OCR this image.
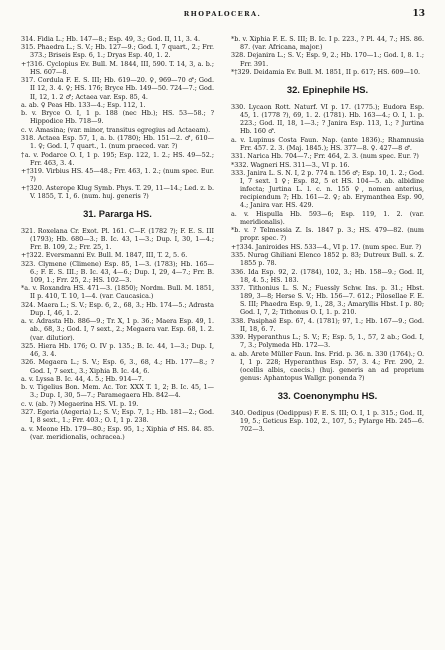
RHOPALOCERA.	13
314. Fidia L.; Hb. 147—8.; Esp. 49, 3.; God. II, 11, 3. 4.
315. Phaedra L.; S. V.; Hb. 127—9.; God. I, 7 quart., 2.; Frr. 373.; Briseis Esp. 6, 1.; Dryas Esp. 40, 1. 2.
+†316. Cyclopius Ev. Bull. M. 1844, III, 590. T. 14, 3, a. b.; HS. 607—8.
317. Cordula F. E. S. III; Hb. 619—20. ♀, 969—70 ♂; God. II 12, 3. 4. ♀; HS. 176; Bryce Hb. 149—50. 724—7.; God. II, 12, 1. 2 ♂; Actaea var. Esp. 85, 4.
a. ab. ♀ Peas Hb. 133—4.; Esp. 112, 1.
b. v. Bryce O. I, 1 p. 188 (nec Hb.); HS. 53—58.; ? Hippodice Hb. 718—9.
c. v. Amasina; (var. minor, transitus egregius ad Actaeam).
318. Actaea Esp. 57, 1, a. b. (1780); Hb. 151—2. ♂, 610—1. ♀; God. I, 7 quart., 1. (num praeced. var. ?)
†a. v. Podarce O. I, 1 p. 195; Esp. 122, 1. 2.; HS. 49—52.; Frr. 463, 3. 4.
+†319. Virbius HS. 45—48.; Frr. 463, 1. 2.; (num spec. Eur. ?)
+†320. Asterope Klug Symb. Phys. T. 29, 11—14.; Led. z. b. V. 1855, T. 1, 6. (num. huj. generis ?)
31. Pararga HS.
321. Roxelana Cr. Exot. Pl. 161. C—F. (1782 ?); F. E. S. III (1793); Hb. 680—3.; B. Ic. 43, 1—3.; Dup. I, 30, 1—4.; Frr. B. 109, 2.; Frr. 25, 1.
+†322. Eversmanni Ev. Bull. M. 1847, III, T. 2, 5. 6.
323. Clymene (Climene) Esp. 85, 1—3. (1783); Hb. 165—6.; F. E. S. III.; B. Ic. 43, 4—6.; Dup. I, 29, 4—7.; Frr. B. 109, 1.; Frr. 25, 2.; HS. 102—3.
*a. v. Roxandra HS. 471—3. (1850); Nordm. Bull. M. 1851, II p. 410, T. 10, 1—4. (var. Caucasica.)
324. Maera L.; S. V.; Esp. 6, 2., 68, 3.; Hb. 174—5.; Adrasta Dup. I, 46, 1. 2.
a. v. Adrasta Hb. 886—9.; Tr. X, 1 p. 36.; Maera Esp. 49, 1. ab., 68, 3.; God. I, 7 sext., 2.; Megaera var. Esp. 68, 1. 2. (var. dilutior).
325. Hiera Hb. 176; O. IV p. 135.; B. Ic. 44, 1—3.; Dup. I, 46, 3. 4.
326. Megaera L.; S. V.; Esp. 6, 3., 68, 4.; Hb. 177—8.; ? God. I, 7 sext., 3.; Xiphia B. Ic. 44, 6.
a. v. Lyssa B. Ic. 44, 4. 5.; Hb. 914—7.
b. v. Tigelius Bon. Mem. Ac. Tor. XXX T. 1, 2; B. Ic. 45, 1—3.; Dup. I, 30, 5—7.; Paramegaera Hb. 842—4.
c. v. (ab. ?) Megaerina HS. VI. p. 19.
327. Egeria (Aegeria) L.; S. V.; Esp. 7, 1.; Hb. 181—2.; God. I, 8 sext., 1.; Frr. 403.; O. I, 1 p. 238.
a. v. Meone Hb. 179—80.; Esp. 95, 1.; Xiphia ♂ HS. 84. 85. (var. meridionalis, ochracea.)
*b. v. Xiphia F. E. S. III; B. Ic. I p. 223., ? Pl. 44, 7.; HS. 86. 87. (var. Africana, major.)
328. Dejanira L.; S. V.; Esp. 9, 2.; Hb. 170—1.; God. I, 8. 1.; Frr. 391.
*†329. Deidamia Ev. Bull. M. 1851, II p. 617; HS. 609—10.
32. Epinephile HS.
330. Lycaon Rott. Naturf. VI p. 17. (1775.); Eudora Esp. 45, 1. (1778 ?), 69, 1. 2. (1781). Hb. 163—4.; O. I, 1. p. 223.; God. II, 18, 1—3.; ? Janira Esp. 113, 1.; ? Jurtina Hb. 160 ♂.
a. v. Lupinus Costa Faun. Nap. (ante 1836).; Rhamnusia Frr. 457. 2. 3. (Maj. 1845.); HS. 377—8. ♀. 427—8 ♂.
331. Narica Hb. 704—7.; Frr. 464, 2. 3. (num spec. Eur. ?)
*332. Wagneri HS. 311—3., VI p. 16.
333. Janira L. S. N. I, 2 p. 774 n. 156 ♂; Esp. 10, 1. 2.; God. I, 7 sext. 1 ♀; Esp. 82, 5 et HS. 104—5. ab. albidine infecta; Jurtina L. l. c. n. 155 ♀, nomen anterius, recipiendum ?; Hb. 161—2. ♀; ab. Erymanthea Esp. 90, 4.; Janira var. HS. 429.
a. v. Hispulla Hb. 593—6; Esp. 119, 1. 2. (var. meridionalis).
*b. v. ? Telmessia Z. Is. 1847 p. 3.; HS. 479—82. (num propr. spec. ?)
+†334. Janiroides HS. 533—4., VI p. 17. (num spec. Eur. ?)
335. Nurag Ghiliani Elenco 1852 p. 83; Dutreux Bull. s. Z. 1855 p. 78.
336. Ida Esp. 92, 2. (1784), 102, 3.; Hb. 158—9.; God. II, 18, 4. 5.; HS. 183.
337. Tithonius L. S. N.; Fuessly Schw. Ins. p. 31.; Hbst. 189, 3—8; Herse S. V.; Hb. 156—7. 612.; Pilosellae F. E. S. III; Phaedra Esp. 9, 1., 28, 3.; Amaryllis Hbst. I p. 80; God. I, 7, 2; Tithonus O. I, 1. p. 210.
338. Pasiphaë Esp. 67, 4. (1781); 97, 1.; Hb. 167—9.; God. II, 18, 6. 7.
339. Hyperanthus L.; S. V.; F.; Esp. 5, 1., 57, 2 ab.; God. I, 7, 3.; Polymeda Hb. 172—3.
a. ab. Arete Müller Faun. Ins. Frid. p. 36. n. 330 (1764).; O. I, 1 p. 228; Hyperanthus Esp. 57, 3. 4.; Frr. 290, 2. (ocellis albis, caecis.) (huj. generis an ad proprium genus: Aphantopus Wallgr. ponenda ?)
33. Coenonymphu HS.
340. Oedipus (Oedippus) F. E. S. III; O. I, 1 p. 315.; God. II, 19, 5.; Geticus Esp. 102, 2., 107, 5.; Pylarge Hb. 245—6. 702—3.
